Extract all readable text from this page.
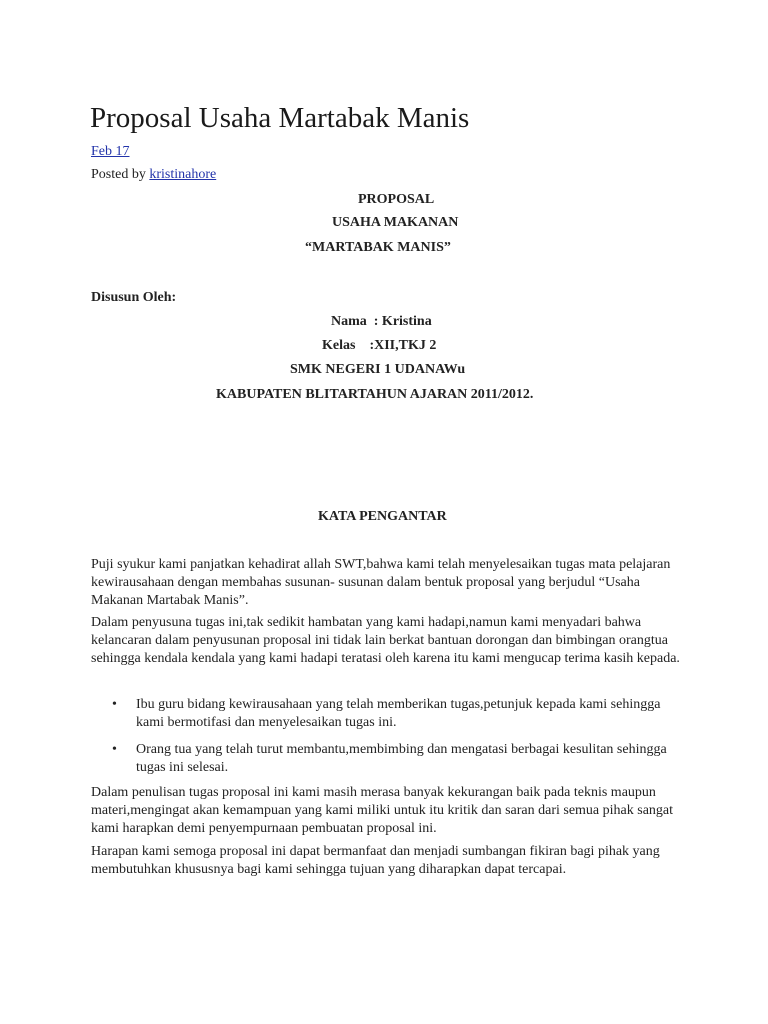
Proposal Usaha Martabak Manis
Feb 17
Posted by kristinahore
PROPOSAL
USAHA MAKANAN
“MARTABAK MANIS”
Disusun Oleh:
Nama  : Kristina
Kelas    :XII,TKJ 2
SMK NEGERI 1 UDANAWu
KABUPATEN BLITARTAHUN AJARAN 2011/2012.
KATA PENGANTAR

Puji syukur kami panjatkan kehadirat allah SWT,bahwa kami telah menyelesaikan tugas mata pelajaran kewirausahaan dengan membahas susunan- susunan dalam bentuk proposal yang berjudul “Usaha Makanan Martabak Manis”.

Dalam penyusuna tugas ini,tak sedikit hambatan yang kami hadapi,namun kami menyadari bahwa kelancaran dalam penyusunan proposal ini tidak lain berkat bantuan dorongan dan bimbingan orangtua sehingga kendala kendala yang kami hadapi teratasi oleh karena itu kami mengucap terima kasih kepada.

•	Ibu guru bidang kewirausahaan yang telah memberikan tugas,petunjuk kepada kami sehingga kami bermotifasi dan menyelesaikan tugas ini.
•	Orang tua yang telah turut membantu,membimbing dan mengatasi berbagai kesulitan sehingga tugas ini selesai.

Dalam penulisan tugas proposal ini kami masih merasa banyak kekurangan baik pada teknis maupun materi,mengingat akan kemampuan yang kami miliki untuk itu kritik dan saran dari semua pihak sangat kami harapkan demi penyempurnaan pembuatan proposal ini.

Harapan kami semoga proposal ini dapat bermanfaat dan menjadi sumbangan fikiran bagi pihak yang membutuhkan khususnya bagi kami sehingga tujuan yang diharapkan dapat tercapai.
